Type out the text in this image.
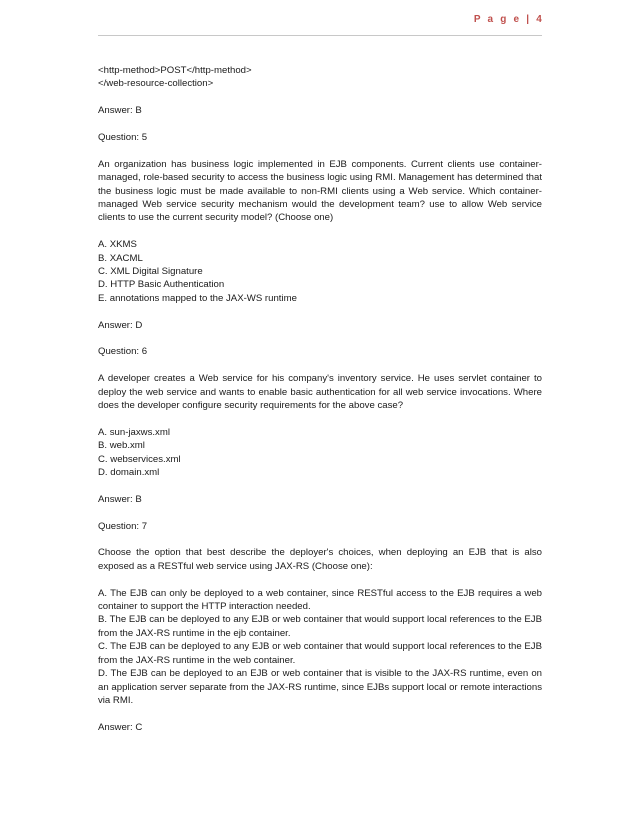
P a g e | 4

<http-method>POST</http-method>

</web-resource-collection>

Answer: B

Question: 5

An organization has business logic implemented in EJB components. Current clients use container-managed, role-based security to access the business logic using RMI. Management has determined that the business logic must be made available to non-RMI clients using a Web service. Which container-managed Web service security mechanism would the development team? use to allow Web service clients to use the current security model? (Choose one)

A. XKMS
B. XACML
C. XML Digital Signature
D. HTTP Basic Authentication
E. annotations mapped to the JAX-WS runtime

Answer: D

Question: 6

A developer creates a Web service for his company's inventory service. He uses servlet container to deploy the web service and wants to enable basic authentication for all web service invocations. Where does the developer configure security requirements for the above case?

A. sun-jaxws.xml
B. web.xml
C. webservices.xml
D. domain.xml

Answer: B

Question: 7

Choose the option that best describe the deployer's choices, when deploying an EJB that is also exposed as a RESTful web service using JAX-RS (Choose one):

A. The EJB can only be deployed to a web container, since RESTful access to the EJB requires a web container to support the HTTP interaction needed.
B. The EJB can be deployed to any EJB or web container that would support local references to the EJB from the JAX-RS runtime in the ejb container.
C. The EJB can be deployed to any EJB or web container that would support local references to the EJB from the JAX-RS runtime in the web container.
D. The EJB can be deployed to an EJB or web container that is visible to the JAX-RS runtime, even on an application server separate from the JAX-RS runtime, since EJBs support local or remote interactions via RMI.

Answer: C
